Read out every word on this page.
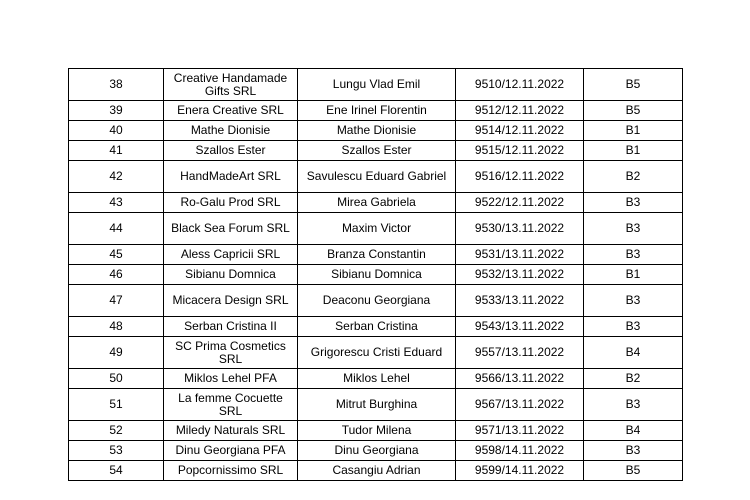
38	Creative Handamade Gifts SRL	Lungu Vlad Emil	9510/12.11.2022	B5
39	Enera Creative SRL	Ene Irinel Florentin	9512/12.11.2022	B5
40	Mathe Dionisie	Mathe Dionisie	9514/12.11.2022	B1
41	Szallos Ester	Szallos Ester	9515/12.11.2022	B1
42	HandMadeArt SRL	Savulescu Eduard Gabriel	9516/12.11.2022	B2
43	Ro-Galu Prod SRL	Mirea Gabriela	9522/12.11.2022	B3
44	Black Sea Forum SRL	Maxim Victor	9530/13.11.2022	B3
45	Aless Capricii SRL	Branza Constantin	9531/13.11.2022	B3
46	Sibianu Domnica	Sibianu Domnica	9532/13.11.2022	B1
47	Micacera Design SRL	Deaconu Georgiana	9533/13.11.2022	B3
48	Serban Cristina II	Serban Cristina	9543/13.11.2022	B3
49	SC Prima Cosmetics SRL	Grigorescu Cristi Eduard	9557/13.11.2022	B4
50	Miklos Lehel PFA	Miklos Lehel	9566/13.11.2022	B2
51	La femme Cocuette SRL	Mitrut Burghina	9567/13.11.2022	B3
52	Miledy Naturals SRL	Tudor Milena	9571/13.11.2022	B4
53	Dinu Georgiana PFA	Dinu Georgiana	9598/14.11.2022	B3
54	Popcornissimo SRL	Casangiu Adrian	9599/14.11.2022	B5
